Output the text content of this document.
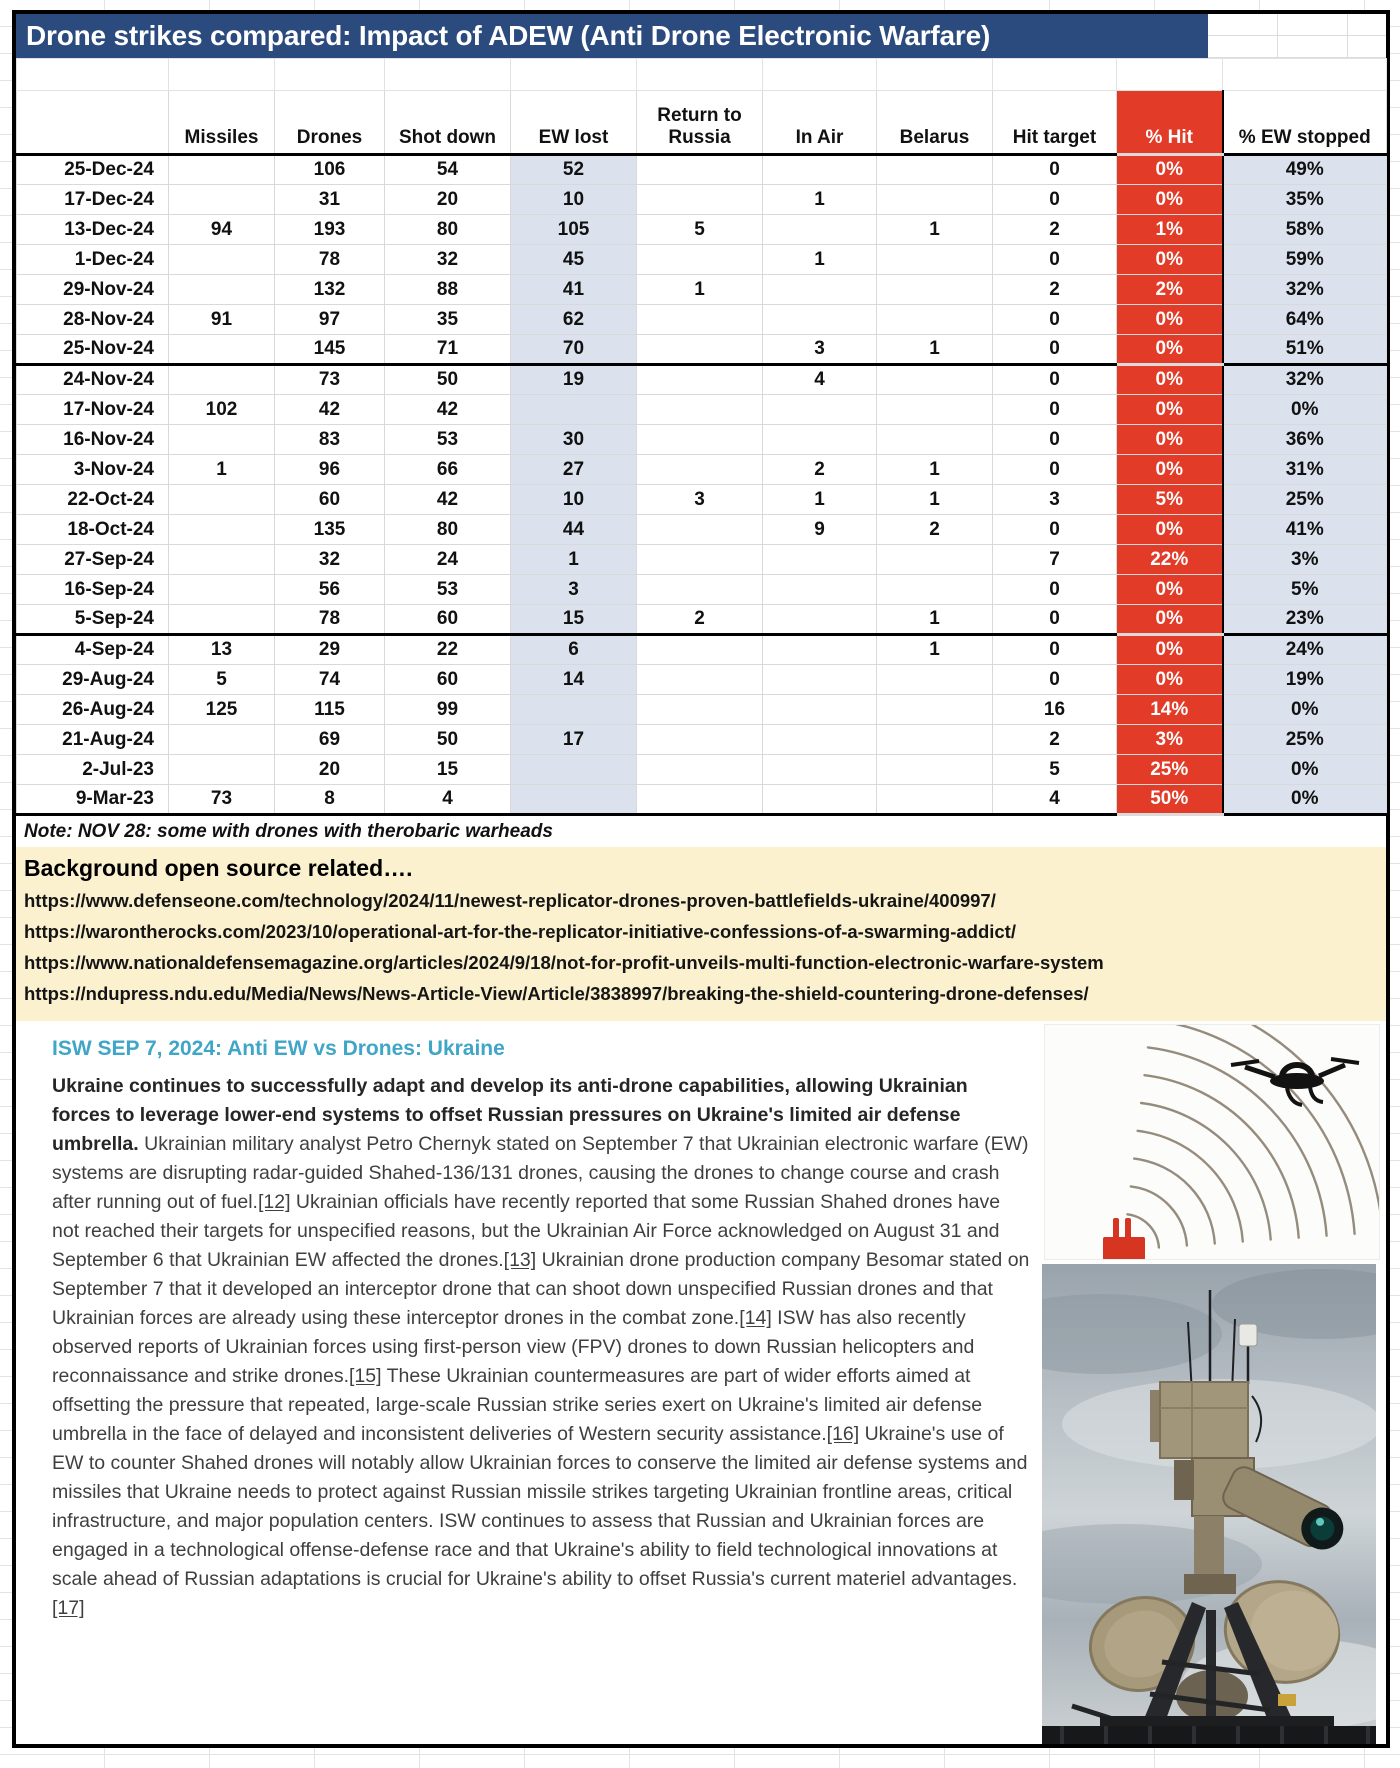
Drone strikes compared: Impact of ADEW (Anti Drone Electronic Warfare)

	Missiles	Drones	Shot down	EW lost	Return to Russia	In Air	Belarus	Hit target	% Hit	% EW stopped
25-Dec-24		106	54	52				0	0%	49%
17-Dec-24		31	20	10		1		0	0%	35%
13-Dec-24	94	193	80	105	5		1	2	1%	58%
1-Dec-24		78	32	45		1		0	0%	59%
29-Nov-24		132	88	41	1			2	2%	32%
28-Nov-24	91	97	35	62				0	0%	64%
25-Nov-24		145	71	70		3	1	0	0%	51%
24-Nov-24		73	50	19		4		0	0%	32%
17-Nov-24	102	42	42					0	0%	0%
16-Nov-24		83	53	30				0	0%	36%
3-Nov-24	1	96	66	27		2	1	0	0%	31%
22-Oct-24		60	42	10	3	1	1	3	5%	25%
18-Oct-24		135	80	44		9	2	0	0%	41%
27-Sep-24		32	24	1				7	22%	3%
16-Sep-24		56	53	3				0	0%	5%
5-Sep-24		78	60	15	2		1	0	0%	23%
4-Sep-24	13	29	22	6			1	0	0%	24%
29-Aug-24	5	74	60	14				0	0%	19%
26-Aug-24	125	115	99					16	14%	0%
21-Aug-24		69	50	17				2	3%	25%
2-Jul-23		20	15					5	25%	0%
9-Mar-23	73	8	4					4	50%	0%
Note: NOV 28: some with drones with therobaric warheads
Background open source related….
https://www.defenseone.com/technology/2024/11/newest-replicator-drones-proven-battlefields-ukraine/400997/
https://warontherocks.com/2023/10/operational-art-for-the-replicator-initiative-confessions-of-a-swarming-addict/
https://www.nationaldefensemagazine.org/articles/2024/9/18/not-for-profit-unveils-multi-function-electronic-warfare-system
https://ndupress.ndu.edu/Media/News/News-Article-View/Article/3838997/breaking-the-shield-countering-drone-defenses/
ISW SEP 7, 2024: Anti EW vs Drones: Ukraine
Ukraine continues to successfully adapt and develop its anti-drone capabilities, allowing Ukrainian forces to leverage lower-end systems to offset Russian pressures on Ukraine's limited air defense umbrella. Ukrainian military analyst Petro Chernyk stated on September 7 that Ukrainian electronic warfare (EW) systems are disrupting radar-guided Shahed-136/131 drones, causing the drones to change course and crash after running out of fuel.[12] Ukrainian officials have recently reported that some Russian Shahed drones have not reached their targets for unspecified reasons, but the Ukrainian Air Force acknowledged on August 31 and September 6 that Ukrainian EW affected the drones.[13] Ukrainian drone production company Besomar stated on September 7 that it developed an interceptor drone that can shoot down unspecified Russian drones and that Ukrainian forces are already using these interceptor drones in the combat zone.[14] ISW has also recently observed reports of Ukrainian forces using first-person view (FPV) drones to down Russian helicopters and reconnaissance and strike drones.[15] These Ukrainian countermeasures are part of wider efforts aimed at offsetting the pressure that repeated, large-scale Russian strike series exert on Ukraine's limited air defense umbrella in the face of delayed and inconsistent deliveries of Western security assistance.[16] Ukraine's use of EW to counter Shahed drones will notably allow Ukrainian forces to conserve the limited air defense systems and missiles that Ukraine needs to protect against Russian missile strikes targeting Ukrainian frontline areas, critical infrastructure, and major population centers. ISW continues to assess that Russian and Ukrainian forces are engaged in a technological offense-defense race and that Ukraine's ability to field technological innovations at scale ahead of Russian adaptations is crucial for Ukraine's ability to offset Russia's current materiel advantages.[17]
